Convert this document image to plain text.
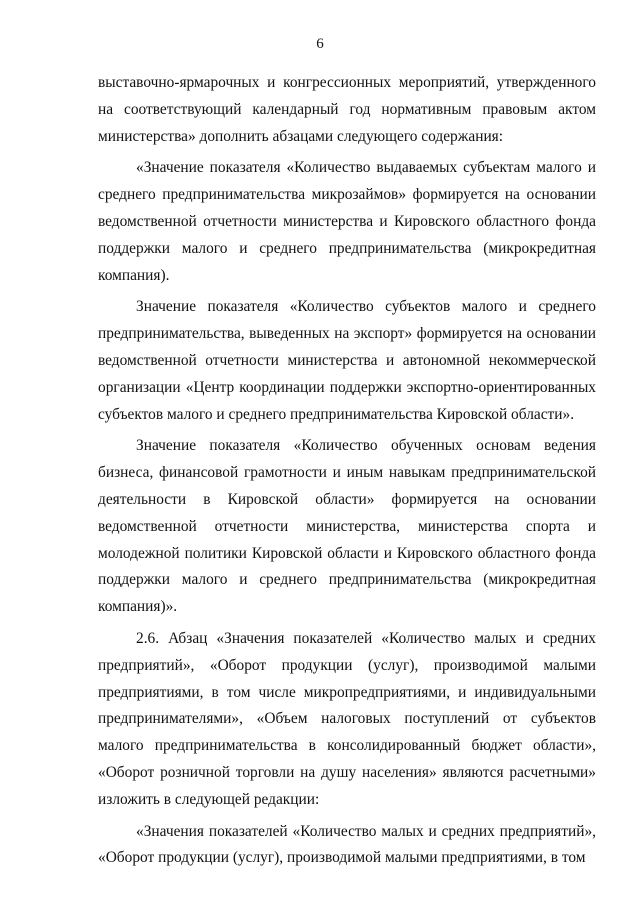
6

выставочно-ярмарочных и конгрессионных мероприятий, утвержденного на соответствующий календарный год нормативным правовым актом министерства» дополнить абзацами следующего содержания:

«Значение показателя «Количество выдаваемых субъектам малого и среднего предпринимательства микрозаймов» формируется на основании ведомственной отчетности министерства и Кировского областного фонда поддержки малого и среднего предпринимательства (микрокредитная компания).

Значение показателя «Количество субъектов малого и среднего предпринимательства, выведенных на экспорт» формируется на основании ведомственной отчетности министерства и автономной некоммерческой организации «Центр координации поддержки экспортно-ориентированных субъектов малого и среднего предпринимательства Кировской области».

Значение показателя «Количество обученных основам ведения бизнеса, финансовой грамотности и иным навыкам предпринимательской деятельности в Кировской области» формируется на основании ведомственной отчетности министерства, министерства спорта и молодежной политики Кировской области и Кировского областного фонда поддержки малого и среднего предпринимательства (микрокредитная компания)».

2.6. Абзац «Значения показателей «Количество малых и средних предприятий», «Оборот продукции (услуг), производимой малыми предприятиями, в том числе микропредприятиями, и индивидуальными предпринимателями», «Объем налоговых поступлений от субъектов малого предпринимательства в консолидированный бюджет области», «Оборот розничной торговли на душу населения» являются расчетными» изложить в следующей редакции:

«Значения показателей «Количество малых и средних предприятий», «Оборот продукции (услуг), производимой малыми предприятиями, в том
